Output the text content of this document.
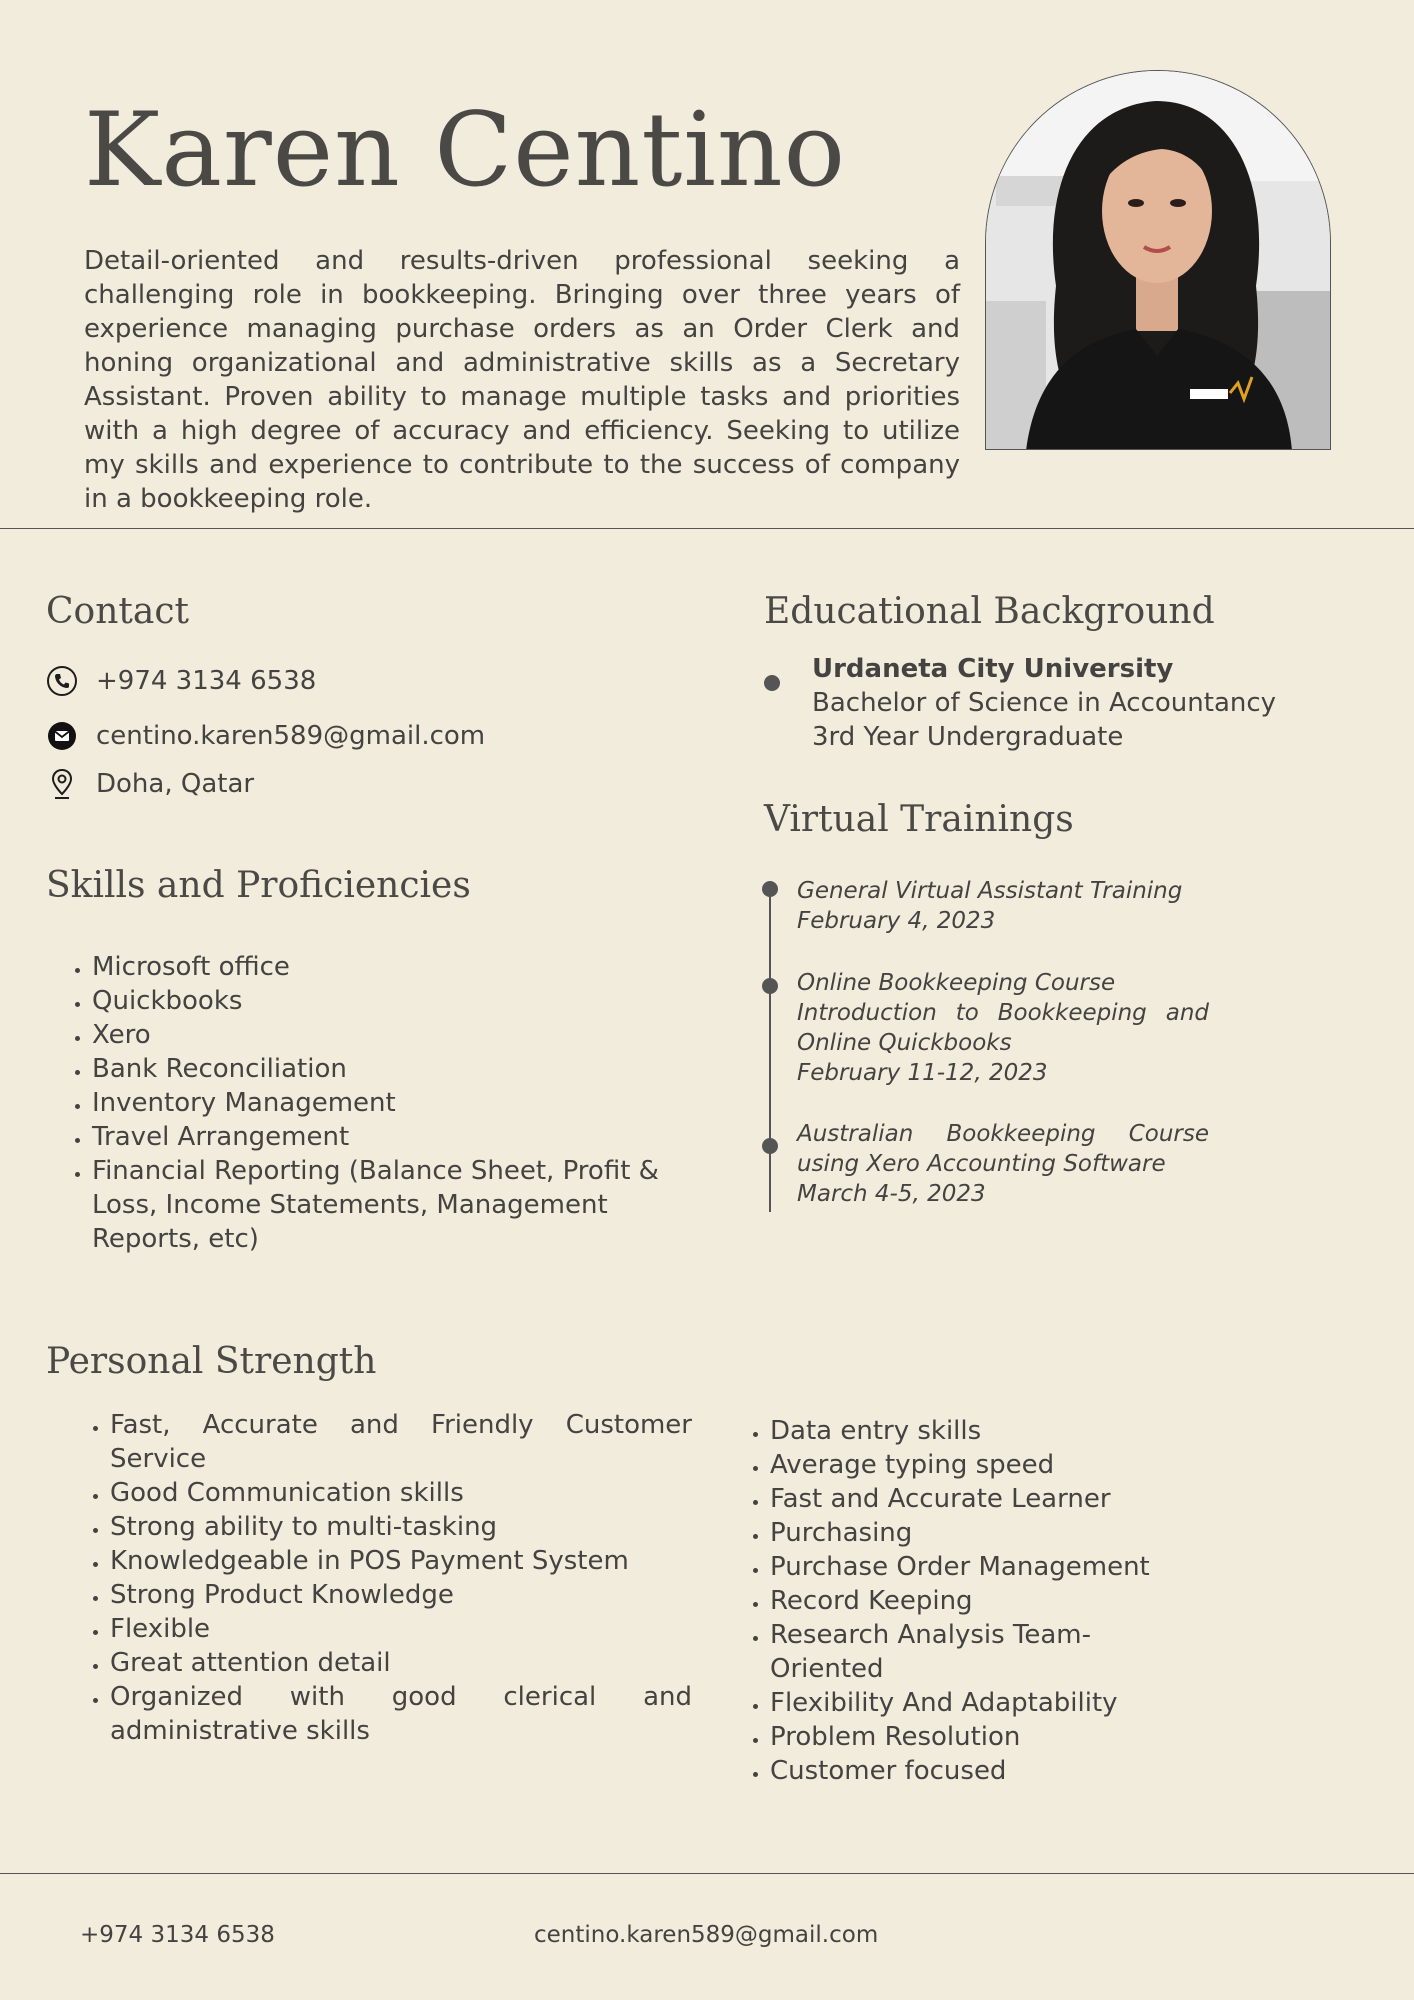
Karen Centino

Detail-oriented and results-driven professional seeking a challenging role in bookkeeping. Bringing over three years of experience managing purchase orders as an Order Clerk and honing organizational and administrative skills as a Secretary Assistant. Proven ability to manage multiple tasks and priorities with a high degree of accuracy and efficiency. Seeking to utilize my skills and experience to contribute to the success of company in a bookkeeping role.

Contact
+974 3134 6538
centino.karen589@gmail.com
Doha, Qatar
Skills and Proficiencies
• Microsoft office
• Quickbooks
• Xero
• Bank Reconciliation
• Inventory Management
• Travel Arrangement
• Financial Reporting (Balance Sheet, Profit & Loss, Income Statements, Management Reports, etc)
Educational Background
Urdaneta City University
Bachelor of Science in Accountancy
3rd Year Undergraduate
Virtual Trainings
General Virtual Assistant Training
February 4, 2023
Online Bookkeeping Course
Introduction to Bookkeeping and Online Quickbooks
February 11-12, 2023
Australian Bookkeeping Course using Xero Accounting Software
March 4-5, 2023
Personal Strength
• Fast, Accurate and Friendly Customer Service
• Good Communication skills
• Strong ability to multi-tasking
• Knowledgeable in POS Payment System
• Strong Product Knowledge
• Flexible
• Great attention detail
• Organized with good clerical and administrative skills
• Data entry skills
• Average typing speed
• Fast and Accurate Learner
• Purchasing
• Purchase Order Management
• Record Keeping
• Research Analysis Team-Oriented
• Flexibility And Adaptability
• Problem Resolution
• Customer focused
+974 3134 6538	centino.karen589@gmail.com
